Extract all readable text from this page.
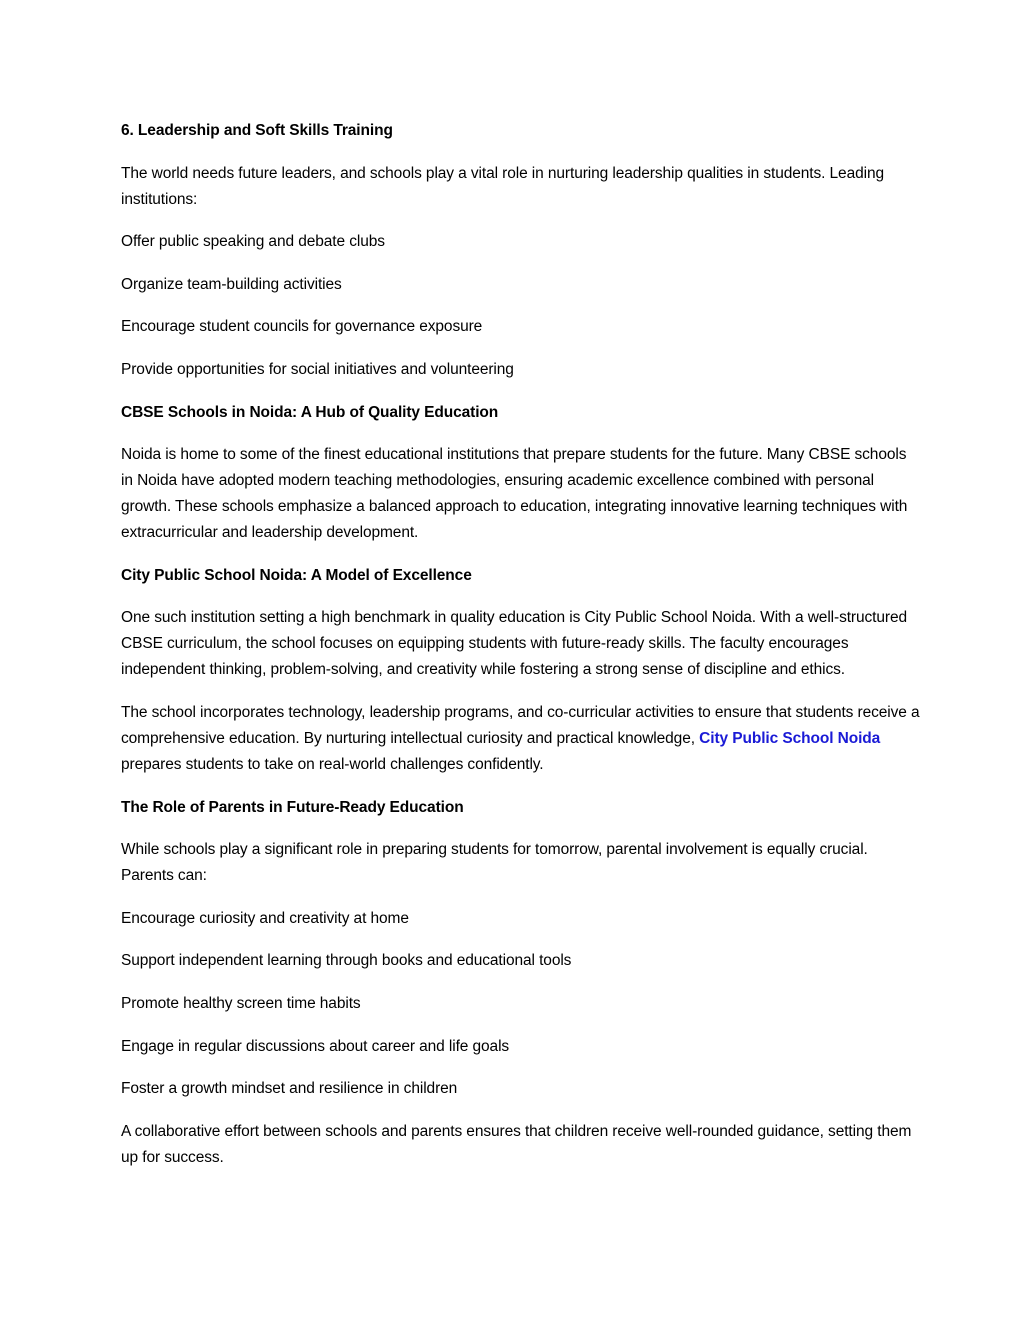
6. Leadership and Soft Skills Training

The world needs future leaders, and schools play a vital role in nurturing leadership qualities in students. Leading institutions:

Offer public speaking and debate clubs

Organize team-building activities

Encourage student councils for governance exposure

Provide opportunities for social initiatives and volunteering

CBSE Schools in Noida: A Hub of Quality Education

Noida is home to some of the finest educational institutions that prepare students for the future. Many CBSE schools in Noida have adopted modern teaching methodologies, ensuring academic excellence combined with personal growth. These schools emphasize a balanced approach to education, integrating innovative learning techniques with extracurricular and leadership development.

City Public School Noida: A Model of Excellence

One such institution setting a high benchmark in quality education is City Public School Noida. With a well-structured CBSE curriculum, the school focuses on equipping students with future-ready skills. The faculty encourages independent thinking, problem-solving, and creativity while fostering a strong sense of discipline and ethics.

The school incorporates technology, leadership programs, and co-curricular activities to ensure that students receive a comprehensive education. By nurturing intellectual curiosity and practical knowledge, City Public School Noida prepares students to take on real-world challenges confidently.

The Role of Parents in Future-Ready Education

While schools play a significant role in preparing students for tomorrow, parental involvement is equally crucial. Parents can:

Encourage curiosity and creativity at home

Support independent learning through books and educational tools

Promote healthy screen time habits

Engage in regular discussions about career and life goals

Foster a growth mindset and resilience in children

A collaborative effort between schools and parents ensures that children receive well-rounded guidance, setting them up for success.
